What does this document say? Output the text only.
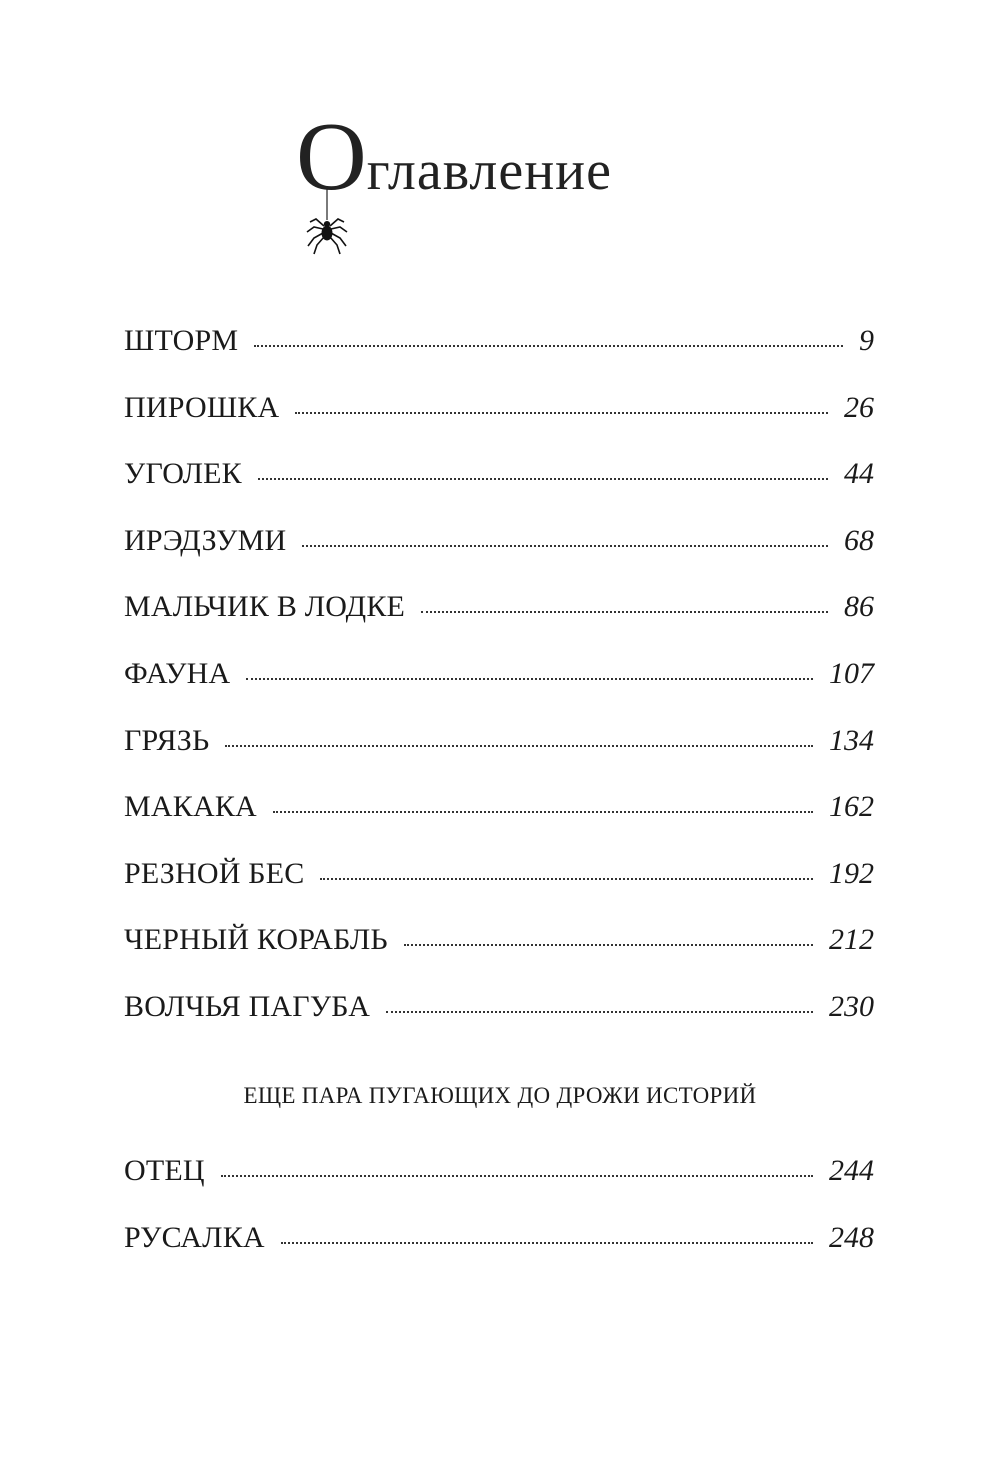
Оглавление
ШТОРМ	9
ПИРОШКА	26
УГОЛЕК	44
ИРЭДЗУМИ	68
МАЛЬЧИК В ЛОДКЕ	86
ФАУНА	107
ГРЯЗЬ	134
МАКАКА	162
РЕЗНОЙ БЕС	192
ЧЕРНЫЙ КОРАБЛЬ	212
ВОЛЧЬЯ ПАГУБА	230
ЕЩЕ ПАРА ПУГАЮЩИХ ДО ДРОЖИ ИСТОРИЙ
ОТЕЦ	244
РУСАЛКА	248
